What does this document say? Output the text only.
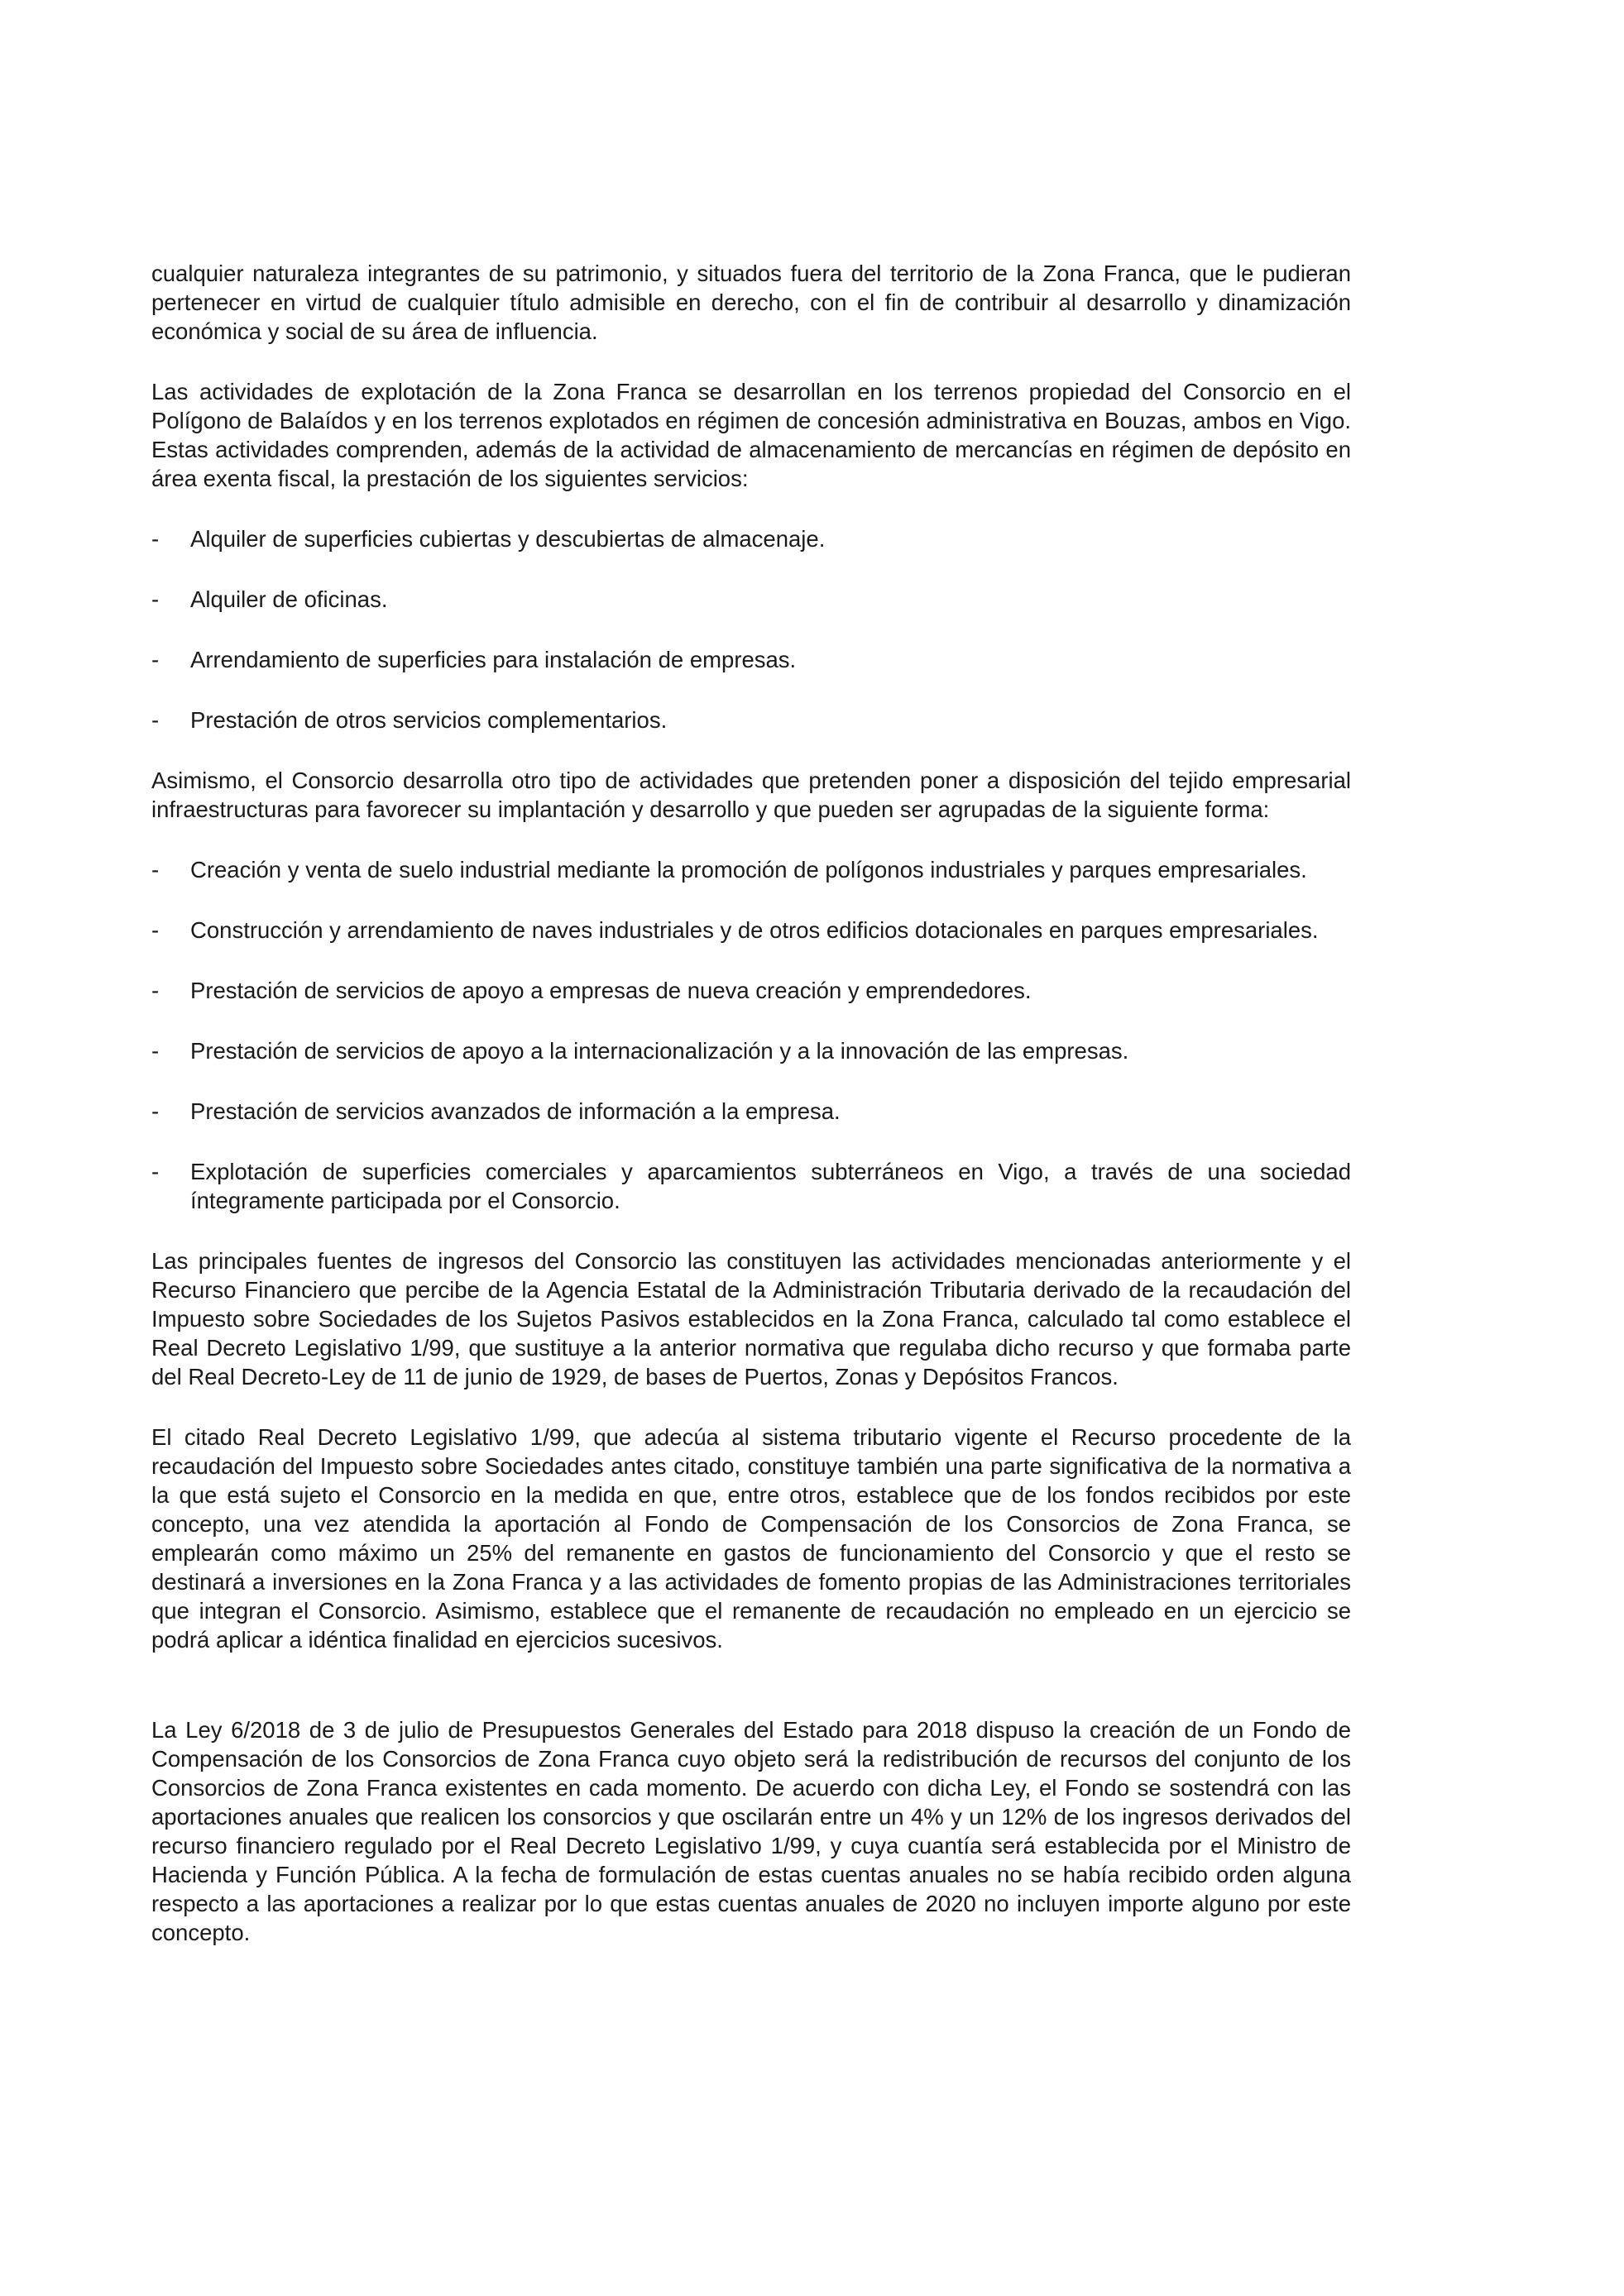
cualquier naturaleza integrantes de su patrimonio, y situados fuera del territorio de la Zona Franca, que le pudieran pertenecer en virtud de cualquier título admisible en derecho, con el fin de contribuir al desarrollo y dinamización económica y social de su área de influencia.

Las actividades de explotación de la Zona Franca se desarrollan en los terrenos propiedad del Consorcio en el Polígono de Balaídos y en los terrenos explotados en régimen de concesión administrativa en Bouzas, ambos en Vigo. Estas actividades comprenden, además de la actividad de almacenamiento de mercancías en régimen de depósito en área exenta fiscal, la prestación de los siguientes servicios:

-	Alquiler de superficies cubiertas y descubiertas de almacenaje.
-	Alquiler de oficinas.
-	Arrendamiento de superficies para instalación de empresas.
-	Prestación de otros servicios complementarios.

Asimismo, el Consorcio desarrolla otro tipo de actividades que pretenden poner a disposición del tejido empresarial infraestructuras para favorecer su implantación y desarrollo y que pueden ser agrupadas de la siguiente forma:

-	Creación y venta de suelo industrial mediante la promoción de polígonos industriales y parques empresariales.
-	Construcción y arrendamiento de naves industriales y de otros edificios dotacionales en parques empresariales.
-	Prestación de servicios de apoyo a empresas de nueva creación y emprendedores.
-	Prestación de servicios de apoyo a la internacionalización y a la innovación de las empresas.
-	Prestación de servicios avanzados de información a la empresa.
-	Explotación de superficies comerciales y aparcamientos subterráneos en Vigo, a través de una sociedad íntegramente participada por el Consorcio.

Las principales fuentes de ingresos del Consorcio las constituyen las actividades mencionadas anteriormente y el Recurso Financiero que percibe de la Agencia Estatal de la Administración Tributaria derivado de la recaudación del Impuesto sobre Sociedades de los Sujetos Pasivos establecidos en la Zona Franca, calculado tal como establece el Real Decreto Legislativo 1/99, que sustituye a la anterior normativa que regulaba dicho recurso y que formaba parte del Real Decreto-Ley de 11 de junio de 1929, de bases de Puertos, Zonas y Depósitos Francos.

El citado Real Decreto Legislativo 1/99, que adecúa al sistema tributario vigente el Recurso procedente de la recaudación del Impuesto sobre Sociedades antes citado, constituye también una parte significativa de la normativa a la que está sujeto el Consorcio en la medida en que, entre otros, establece que de los fondos recibidos por este concepto, una vez atendida la aportación al Fondo de Compensación de los Consorcios de Zona Franca, se emplearán como máximo un 25% del remanente en gastos de funcionamiento del Consorcio y que el resto se destinará a inversiones en la Zona Franca y a las actividades de fomento propias de las Administraciones territoriales que integran el Consorcio. Asimismo, establece que el remanente de recaudación no empleado en un ejercicio se podrá aplicar a idéntica finalidad en ejercicios sucesivos.

La Ley 6/2018 de 3 de julio de Presupuestos Generales del Estado para 2018 dispuso la creación de un Fondo de Compensación de los Consorcios de Zona Franca cuyo objeto será la redistribución de recursos del conjunto de los Consorcios de Zona Franca existentes en cada momento. De acuerdo con dicha Ley, el Fondo se sostendrá con las aportaciones anuales que realicen los consorcios y que oscilarán entre un 4% y un 12% de los ingresos derivados del recurso financiero regulado por el Real Decreto Legislativo 1/99, y cuya cuantía será establecida por el Ministro de Hacienda y Función Pública. A la fecha de formulación de estas cuentas anuales no se había recibido orden alguna respecto a las aportaciones a realizar por lo que estas cuentas anuales de 2020 no incluyen importe alguno por este concepto.
